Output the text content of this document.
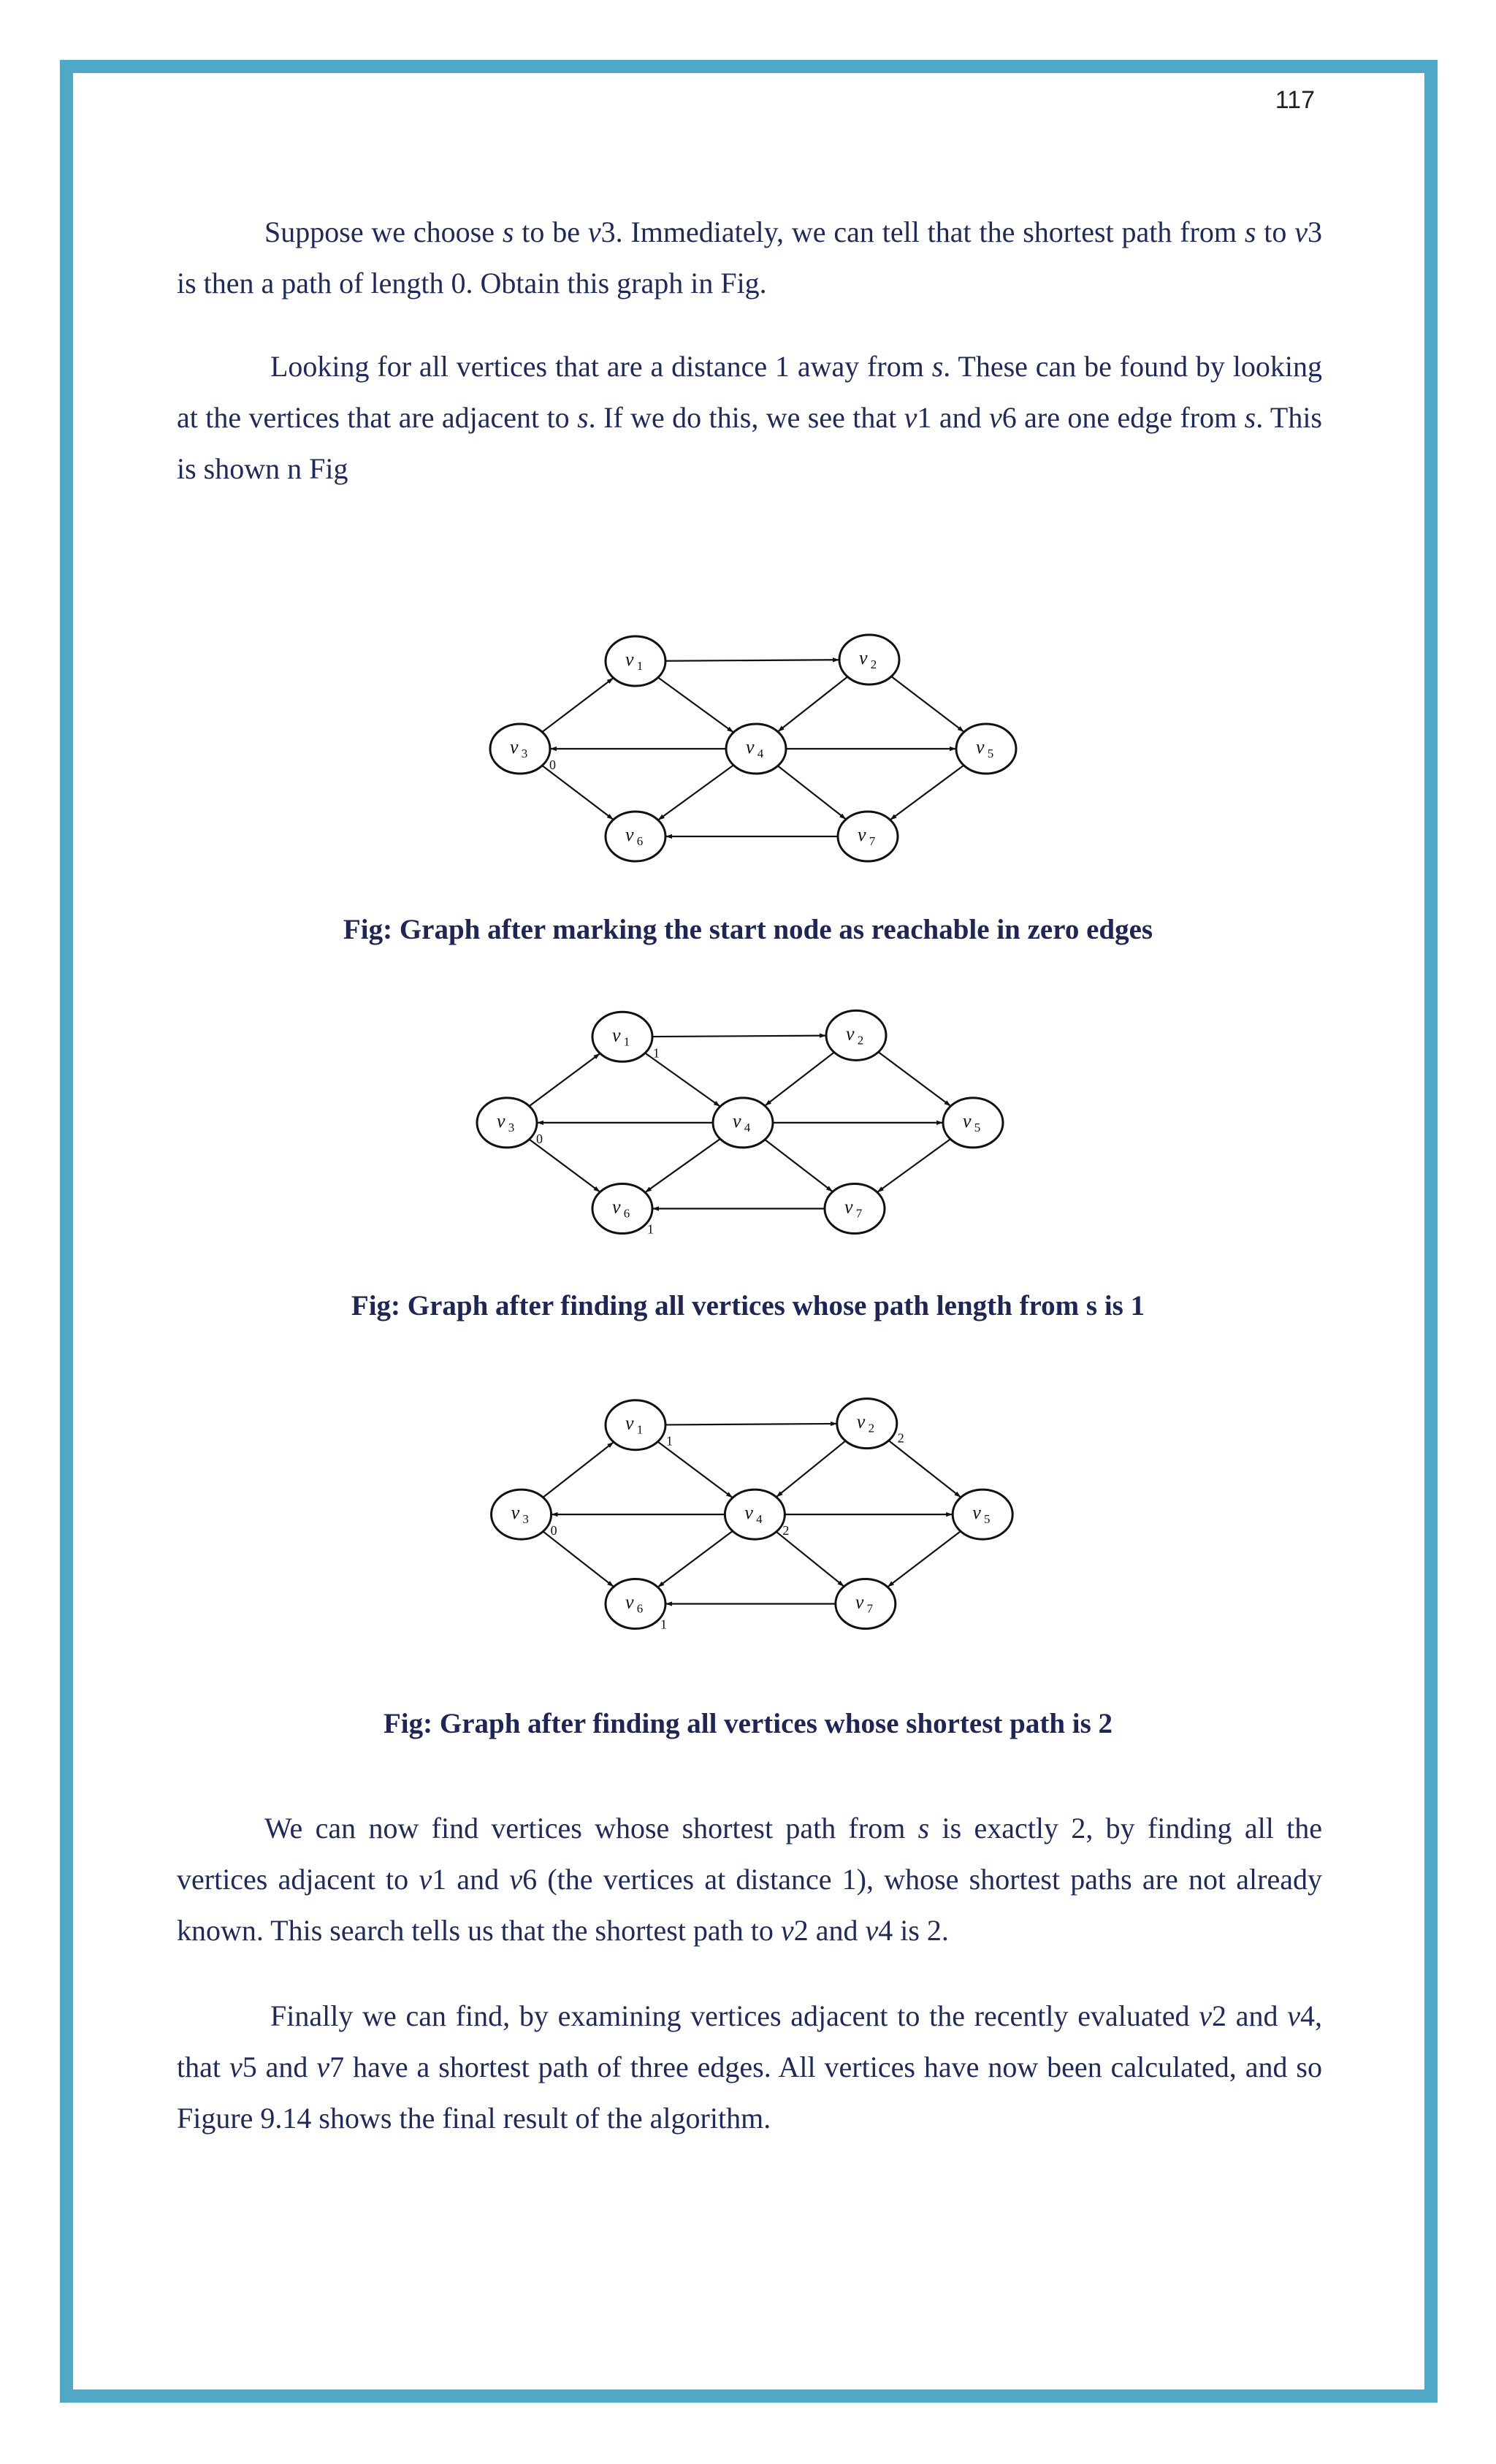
117

Suppose we choose s to be v3. Immediately, we can tell that the shortest path from s to v3 is then a path of length 0. Obtain this graph in Fig.

Looking for all vertices that are a distance 1 away from s. These can be found by looking at the vertices that are adjacent to s. If we do this, we see that v1 and v6 are one edge from s. This is shown n Fig

v $_1$	v $_2$
v $_3$	v $_4$	v $_5$
v $_6$	v $_7$
0

Fig: Graph after marking the start node as reachable in zero edges

v $_1$	v $_2$
v $_3$	v $_4$	v $_5$
v $_6$	v $_7$
0
1
1

Fig: Graph after finding all vertices whose path length from s is 1

v $_1$	v $_2$
v $_3$	v $_4$	v $_5$
v $_6$	v $_7$
0
1
1
2
2

Fig: Graph after finding all vertices whose shortest path is 2

We can now find vertices whose shortest path from s is exactly 2, by finding all the vertices adjacent to v1 and v6 (the vertices at distance 1), whose shortest paths are not already known. This search tells us that the shortest path to v2 and v4 is 2.

Finally we can find, by examining vertices adjacent to the recently evaluated v2 and v4, that v5 and v7 have a shortest path of three edges. All vertices have now been calculated, and so Figure 9.14 shows the final result of the algorithm.
